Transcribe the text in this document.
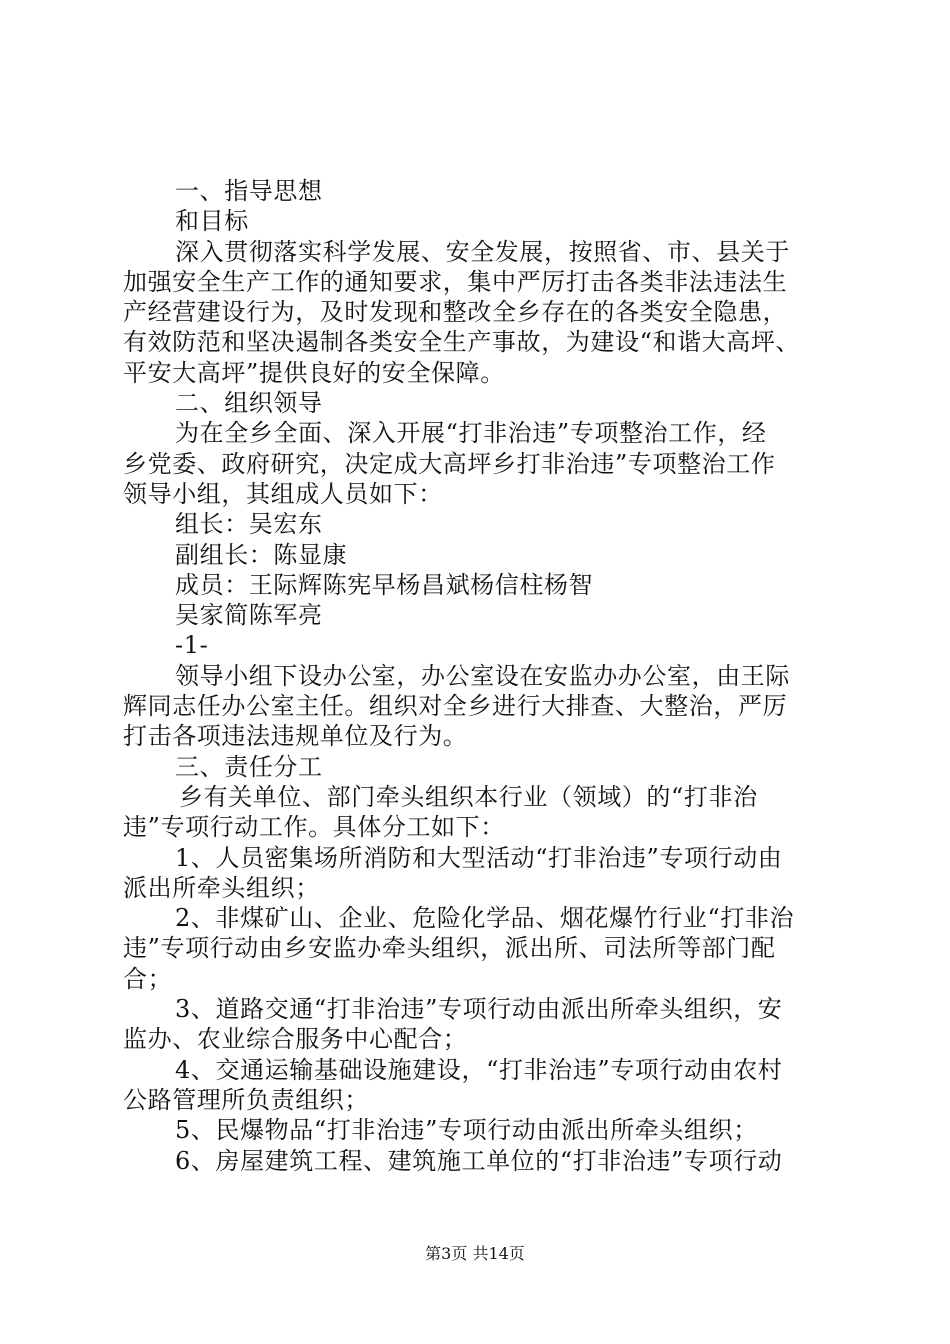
一、指导思想
和目标
深入贯彻落实科学发展、安全发展，按照省、市、县关于
加强安全生产工作的通知要求，集中严厉打击各类非法违法生
产经营建设行为，及时发现和整改全乡存在的各类安全隐患，
有效防范和坚决遏制各类安全生产事故，为建设“和谐大高坪、
平安大高坪”提供良好的安全保障。
二、组织领导
为在全乡全面、深入开展“打非治违”专项整治工作，经
乡党委、政府研究，决定成大高坪乡打非治违”专项整治工作
领导小组，其组成人员如下：
组长：吴宏东
副组长：陈显康
成员：王际辉陈宪早杨昌斌杨信柱杨智
吴家简陈军亮
-1-
领导小组下设办公室，办公室设在安监办办公室，由王际
辉同志任办公室主任。组织对全乡进行大排查、大整治，严厉
打击各项违法违规单位及行为。
三、责任分工
乡有关单位、部门牵头组织本行业（领域）的“打非治
违”专项行动工作。具体分工如下：
1、人员密集场所消防和大型活动“打非治违”专项行动由
派出所牵头组织；
2、非煤矿山、企业、危险化学品、烟花爆竹行业“打非治
违”专项行动由乡安监办牵头组织，派出所、司法所等部门配
合；
3、道路交通“打非治违”专项行动由派出所牵头组织，安
监办、农业综合服务中心配合；
4、交通运输基础设施建设，“打非治违”专项行动由农村
公路管理所负责组织；
5、民爆物品“打非治违”专项行动由派出所牵头组织；
6、房屋建筑工程、建筑施工单位的“打非治违”专项行动
第3页 共14页
